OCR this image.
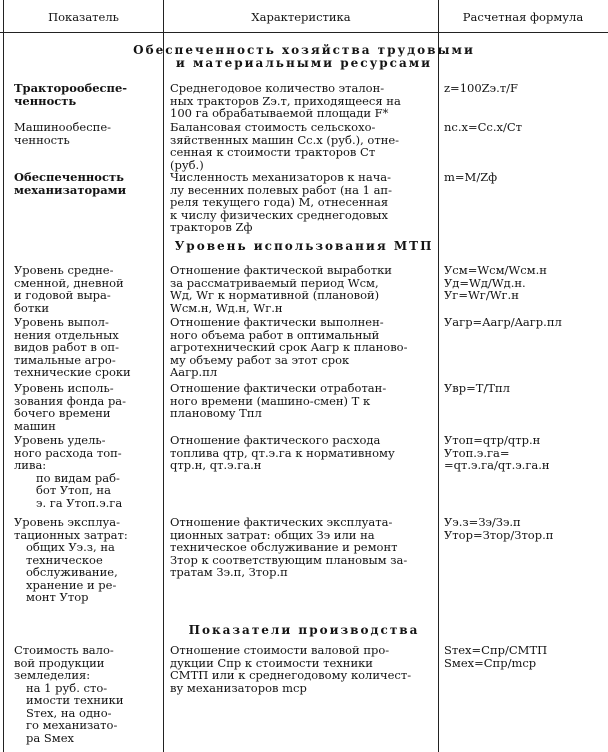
Показатель	Характеристика	Расчетная формула
Обеспеченность хозяйства трудовыми
и материальными ресурсами
Тракторообеспе-
ченность
Среднегодовое количество эталон-
ных тракторов Zэ.т, приходящееся на
100 га обрабатываемой площади F*
z=100Zэ.т/F
Машинообеспе-
ченность
Балансовая стоимость сельскохо-
зяйственных машин Cс.х (руб.), отне-
сенная к стоимости тракторов Cт
(руб.)
nс.х=Cс.х/Cт
Обеспеченность
механизаторами
Численность механизаторов к нача-
лу весенних полевых работ (на 1 ап-
реля текущего года) M, отнесенная
к числу физических среднегодовых
тракторов Zф
m=M/Zф
Уровень использования МТП
Уровень средне-
сменной, дневной
и годовой выра-
ботки
Отношение фактической выработки
за рассматриваемый период Wсм,
Wд, Wг к нормативной (плановой)
Wсм.н, Wд.н, Wг.н
Усм=Wсм/Wсм.н
Уд=Wд/Wд.н.
Уг=Wг/Wг.н
Уровень выпол-
нения отдельных
видов работ в оп-
тимальные агро-
технические сроки
Отношение фактически выполнен-
ного объема работ в оптимальный
агротехнический срок Aагр к планово-
му объему работ за этот срок
Aагр.пл
Уагр=Aагр/Aагр.пл
Уровень исполь-
зования фонда ра-
бочего времени
машин
Отношение фактически отработан-
ного времени (машино-смен) T к
плановому Tпл
Увр=T/Tпл
Уровень удель-
ного расхода топ-
лива:
по видам раб-
бот Утоп, на
э. га Утоп.э.га
Отношение фактического расхода
топлива qтр, qт.э.га к нормативному
qтр.н, qт.э.га.н
Утоп=qтр/qтр.н
Утоп.э.га=
=qт.э.га/qт.э.га.н
Уровень эксплуа-
тационных затрат:
общих Уэ.з, на
техническое
обслуживание,
хранение и ре-
монт Утор
Отношение фактических эксплуата-
ционных затрат: общих Зэ или на
техническое обслуживание и ремонт
Зтор к соответствующим плановым за-
тратам Зэ.п, Зтор.п
Уэ.з=Зэ/Зэ.п
Утор=Зтор/Зтор.п
Показатели производства
Стоимость вало-
вой продукции
земледелия:
на 1 руб. сто-
имости техники
Sтех, на одно-
го механизато-
ра Sмех
Отношение стоимости валовой про-
дукции Cпр к стоимости техники
CМТП или к среднегодовому количест-
ву механизаторов mср
Sтех=Cпр/CМТП
Sмех=Cпр/mср
